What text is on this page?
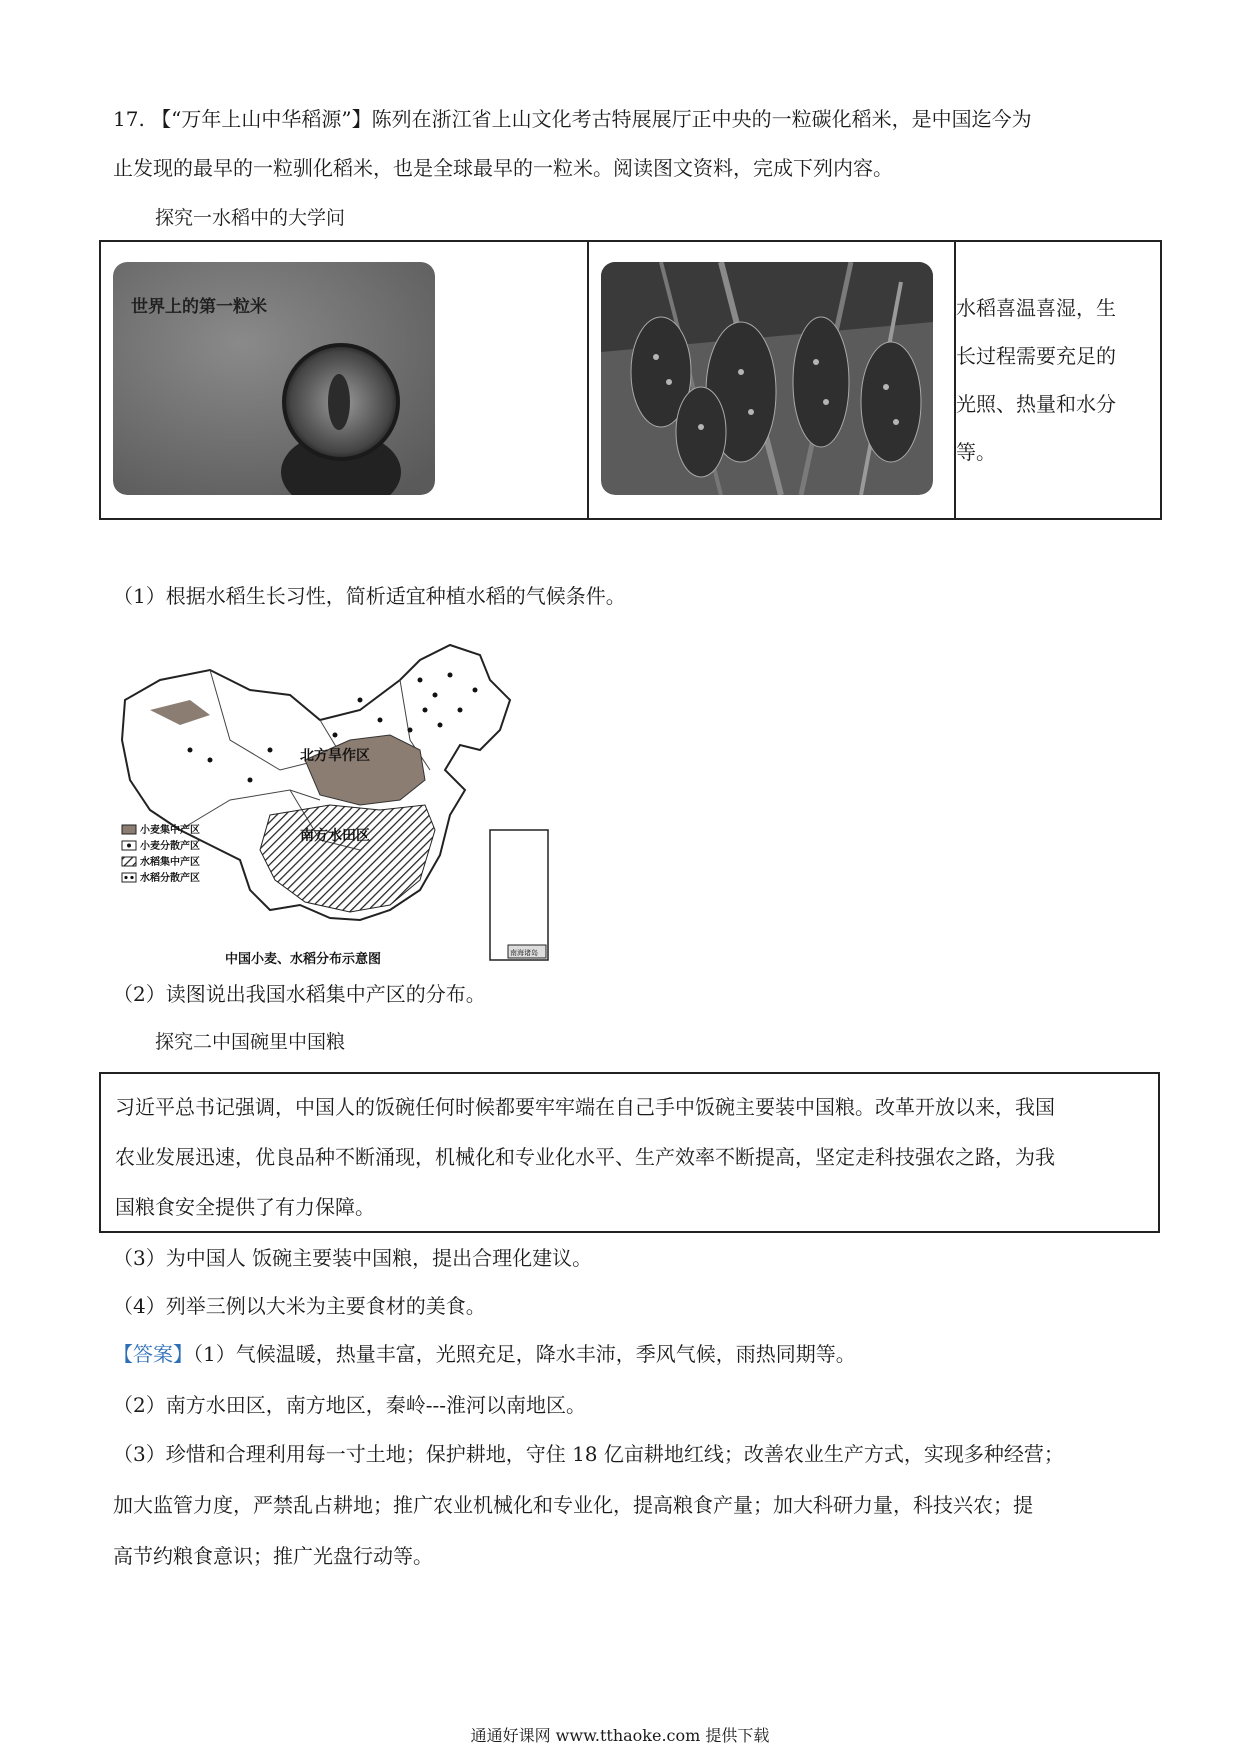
17. 【“万年上山中华稻源”】陈列在浙江省上山文化考古特展展厅正中央的一粒碳化稻米，是中国迄今为
止发现的最早的一粒驯化稻米，也是全球最早的一粒米。阅读图文资料，完成下列内容。
探究一水稻中的大学问
世界上的第一粒米		水稻喜温喜湿，生
长过程需要充足的
光照、热量和水分
等。
（1）根据水稻生长习性，简析适宜种植水稻的气候条件。
北方旱作区
南方水田区
南海诸岛
小麦集中产区
小麦分散产区
水稻集中产区
水稻分散产区
中国小麦、水稻分布示意图
（2）读图说出我国水稻集中产区的分布。
探究二中国碗里中国粮
习近平总书记强调，中国人的饭碗任何时候都要牢牢端在自己手中饭碗主要装中国粮。改革开放以来，我国
农业发展迅速，优良品种不断涌现，机械化和专业化水平、生产效率不断提高，坚定走科技强农之路，为我
国粮食安全提供了有力保障。
（3）为中国人 饭碗主要装中国粮，提出合理化建议。
（4）列举三例以大米为主要食材的美食。
【答案】（1）气候温暖，热量丰富，光照充足，降水丰沛，季风气候，雨热同期等。
（2）南方水田区，南方地区，秦岭---淮河以南地区。
（3）珍惜和合理利用每一寸土地；保护耕地，守住 18 亿亩耕地红线；改善农业生产方式，实现多种经营；
加大监管力度，严禁乱占耕地；推广农业机械化和专业化，提高粮食产量；加大科研力量，科技兴农；提
高节约粮食意识；推广光盘行动等。
通通好课网 www.tthaoke.com 提供下载
